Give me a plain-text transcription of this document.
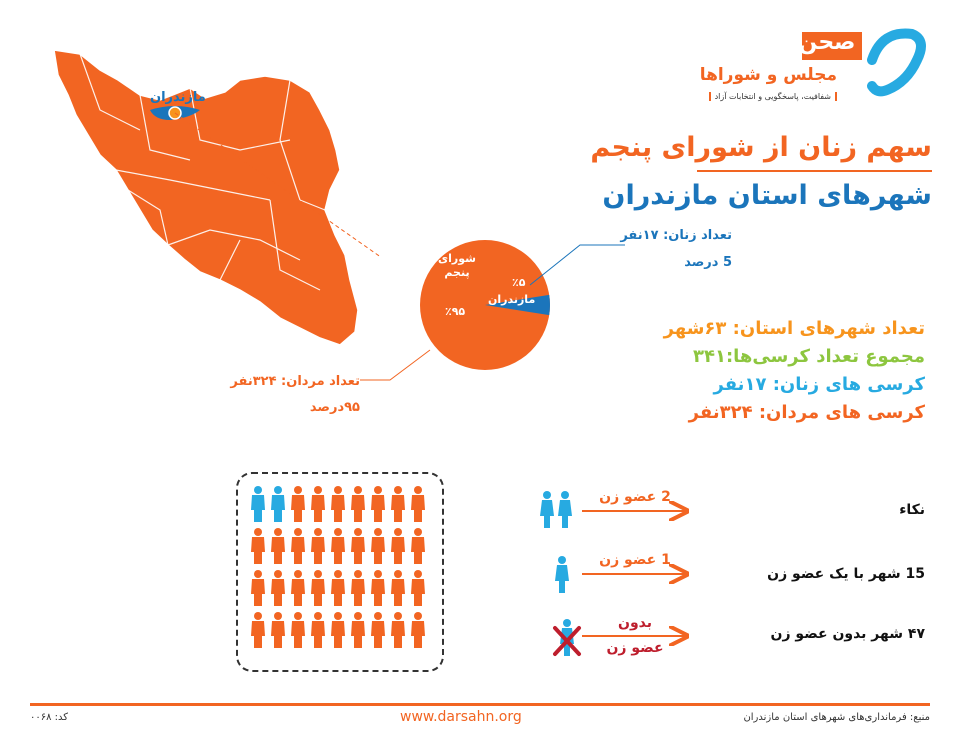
صحن
مجلس و شوراها
شفافیت، پاسخگویی و انتخابات آزاد
سهم زنان از شورای پنجم
شهرهای استان مازندران
مازندران
شورای پنجم
٪۹۵
٪۵
مازندران
تعداد زنان: ۱۷نفر
5 درصد
تعداد مردان: ۳۲۴نفر
۹۵درصد
تعداد شهرهای استان: ۶۳شهر
مجموع تعداد کرسی‌ها:۳۴۱
کرسی های زنان: ۱۷نفر
کرسی های مردان: ۳۲۴نفر
2 عضو زن
1 عضو زن
بدون
عضو زن
نکاء
15 شهر با یک عضو زن
۴۷ شهر بدون عضو زن
منبع: فرمانداری‌های شهرهای استان مازندران
www.darsahn.org
کد: ۰۰۶۸
